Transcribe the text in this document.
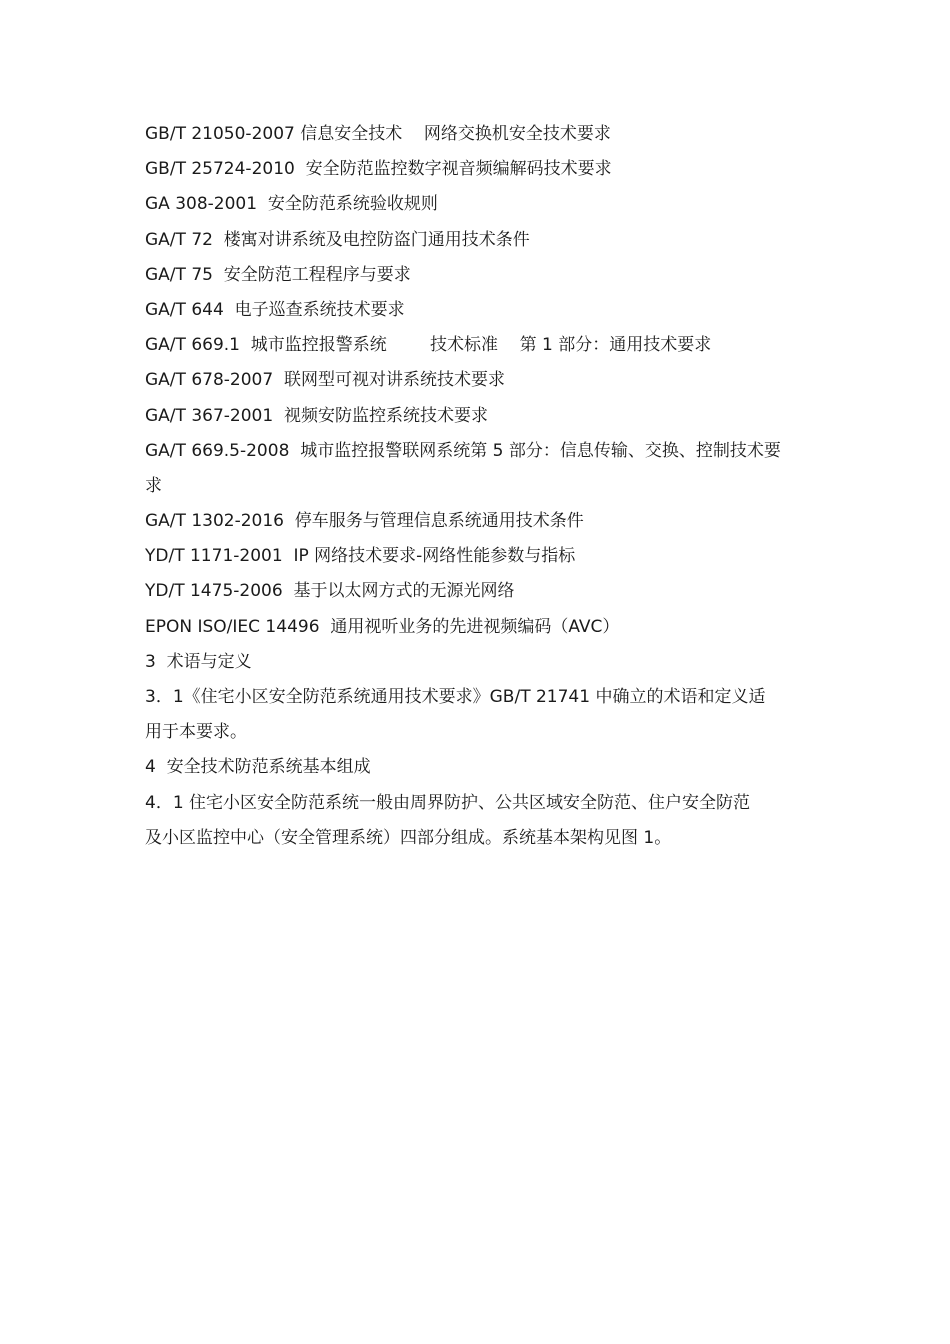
GB/T 21050-2007 信息安全技术    网络交换机安全技术要求
GB/T 25724-2010  安全防范监控数字视音频编解码技术要求
GA 308-2001  安全防范系统验收规则
GA/T 72  楼寓对讲系统及电控防盗门通用技术条件
GA/T 75  安全防范工程程序与要求
GA/T 644  电子巡查系统技术要求
GA/T 669.1  城市监控报警系统        技术标准    第 1 部分：通用技术要求
GA/T 678-2007  联网型可视对讲系统技术要求
GA/T 367-2001  视频安防监控系统技术要求
GA/T 669.5-2008  城市监控报警联网系统第 5 部分：信息传输、交换、控制技术要
求
GA/T 1302-2016  停车服务与管理信息系统通用技术条件
YD/T 1171-2001  IP 网络技术要求-网络性能参数与指标
YD/T 1475-2006  基于以太网方式的无源光网络
EPON ISO/IEC 14496  通用视听业务的先进视频编码（AVC）
3  术语与定义
3．1《住宅小区安全防范系统通用技术要求》GB/T 21741 中确立的术语和定义适
用于本要求。
4  安全技术防范系统基本组成
4．1 住宅小区安全防范系统一般由周界防护、公共区域安全防范、住户安全防范
及小区监控中心（安全管理系统）四部分组成。系统基本架构见图 1。
